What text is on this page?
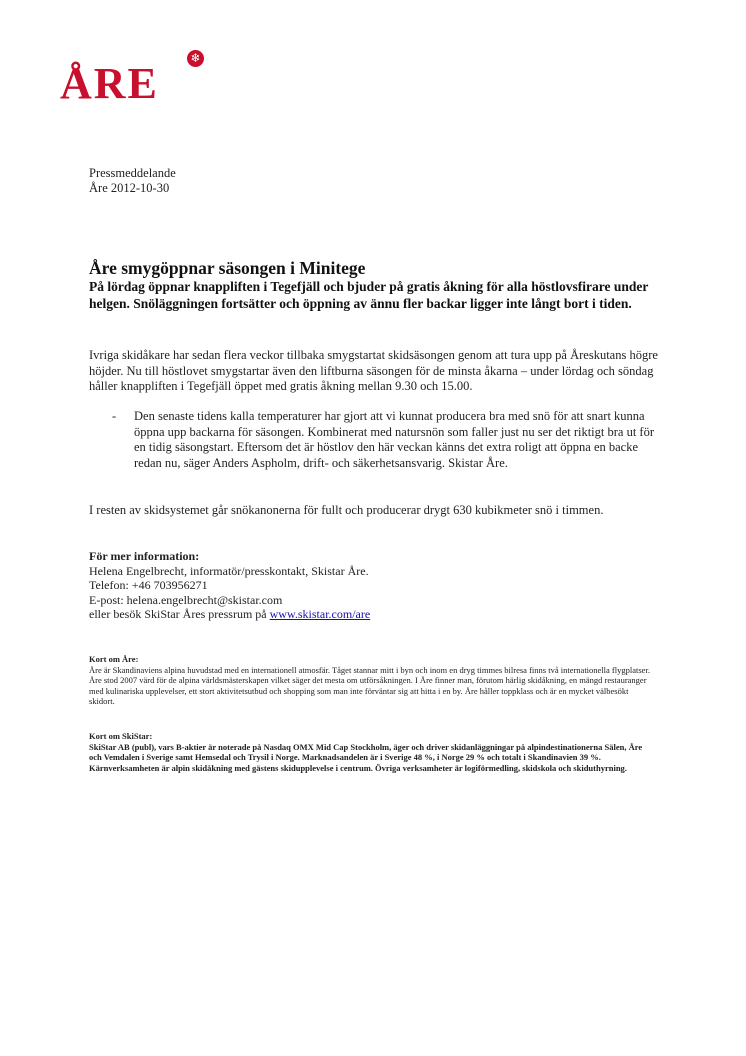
ÅRE
❄
Pressmeddelande
Åre 2012-10-30
Åre smygöppnar säsongen i Minitege

På lördag öppnar knappliften i Tegefjäll och bjuder på gratis åkning för alla höstlovsfirare under helgen. Snöläggningen fortsätter och öppning av ännu fler backar ligger inte långt bort i tiden.

Ivriga skidåkare har sedan flera veckor tillbaka smygstartat skidsäsongen genom att tura upp på Åreskutans högre höjder. Nu till höstlovet smygstartar även den liftburna säsongen för de minsta åkarna – under lördag och söndag håller knappliften i Tegefjäll öppet med gratis åkning mellan 9.30 och 15.00.

- Den senaste tidens kalla temperaturer har gjort att vi kunnat producera bra med snö för att snart kunna öppna upp backarna för säsongen. Kombinerat med natursnön som faller just nu ser det riktigt bra ut för en tidig säsongstart. Eftersom det är höstlov den här veckan känns det extra roligt att öppna en backe redan nu, säger Anders Aspholm, drift- och säkerhetsansvarig. Skistar Åre.

I resten av skidsystemet går snökanonerna för fullt och producerar drygt 630 kubikmeter snö i timmen.

För mer information:
Helena Engelbrecht, informatör/presskontakt, Skistar Åre.
Telefon: +46 703956271
E-post: helena.engelbrecht@skistar.com
eller besök SkiStar Åres pressrum på www.skistar.com/are
Kort om Åre:
Åre är Skandinaviens alpina huvudstad med en internationell atmosfär. Tåget stannar mitt i byn och inom en dryg timmes bilresa finns två internationella flygplatser. Åre stod 2007 värd för de alpina världsmästerskapen vilket säger det mesta om utförsåkningen. I Åre finner man, förutom härlig skidåkning, en mängd restauranger med kulinariska upplevelser, ett stort aktivitetsutbud och shopping som man inte förväntar sig att hitta i en by. Åre håller toppklass och är en mycket välbesökt skidort.
Kort om SkiStar:
SkiStar AB (publ), vars B-aktier är noterade på Nasdaq OMX Mid Cap Stockholm, äger och driver skidanläggningar på alpindestinationerna Sälen, Åre och Vemdalen i Sverige samt Hemsedal och Trysil i Norge. Marknadsandelen är i Sverige 48 %, i Norge 29 % och totalt i Skandinavien 39 %. Kärnverksamheten är alpin skidåkning med gästens skidupplevelse i centrum. Övriga verksamheter är logiförmedling, skidskola och skiduthyrning.
